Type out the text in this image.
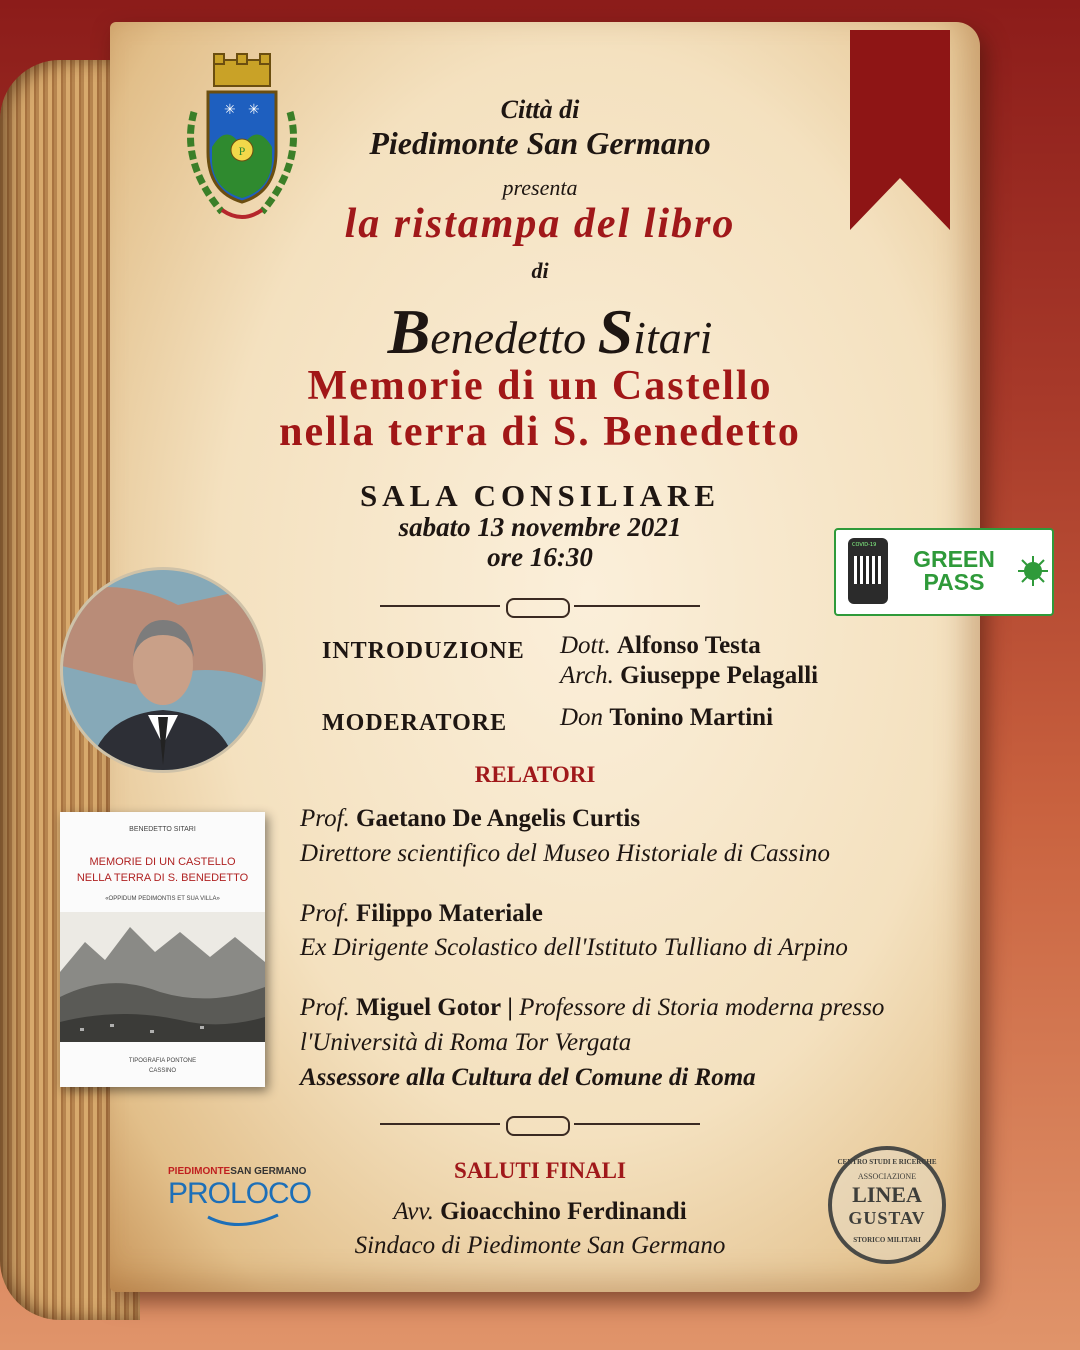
P
✳ ✳	Città di
Piedimonte San Germano
presenta
la ristampa del libro
di
Benedetto Sitari
Memorie di un Castello
nella terra di S. Benedetto
SALA CONSILIARE
sabato 13 novembre 2021
ore 16:30	COVID-19
GREEN
PASS
INTRODUZIONE Dott. Alfonso Testa
Arch. Giuseppe Pelagalli
MODERATORE Don Tonino Martini
RELATORI
Prof. Gaetano De Angelis Curtis
Direttore scientifico del Museo Historiale di Cassino
Prof. Filippo Materiale
Ex Dirigente Scolastico dell'Istituto Tulliano di Arpino
Prof. Miguel Gotor | Professore di Storia moderna presso
l'Università di Roma Tor Vergata
Assessore alla Cultura del Comune di Roma
BENEDETTO SITARI
MEMORIE DI UN CASTELLO
NELLA TERRA DI S. BENEDETTO
«OPPIDUM PEDIMONTIS ET SUA VILLA»
TIPOGRAFIA PONTONE
CASSINO
SALUTI FINALI
Avv. Gioacchino Ferdinandi
Sindaco di Piedimonte San Germano
PIEDIMONTESAN GERMANO
PROLOCO
CENTRO STUDI E RICERCHE
ASSOCIAZIONE
LINEA
GUSTAV
STORICO MILITARI
